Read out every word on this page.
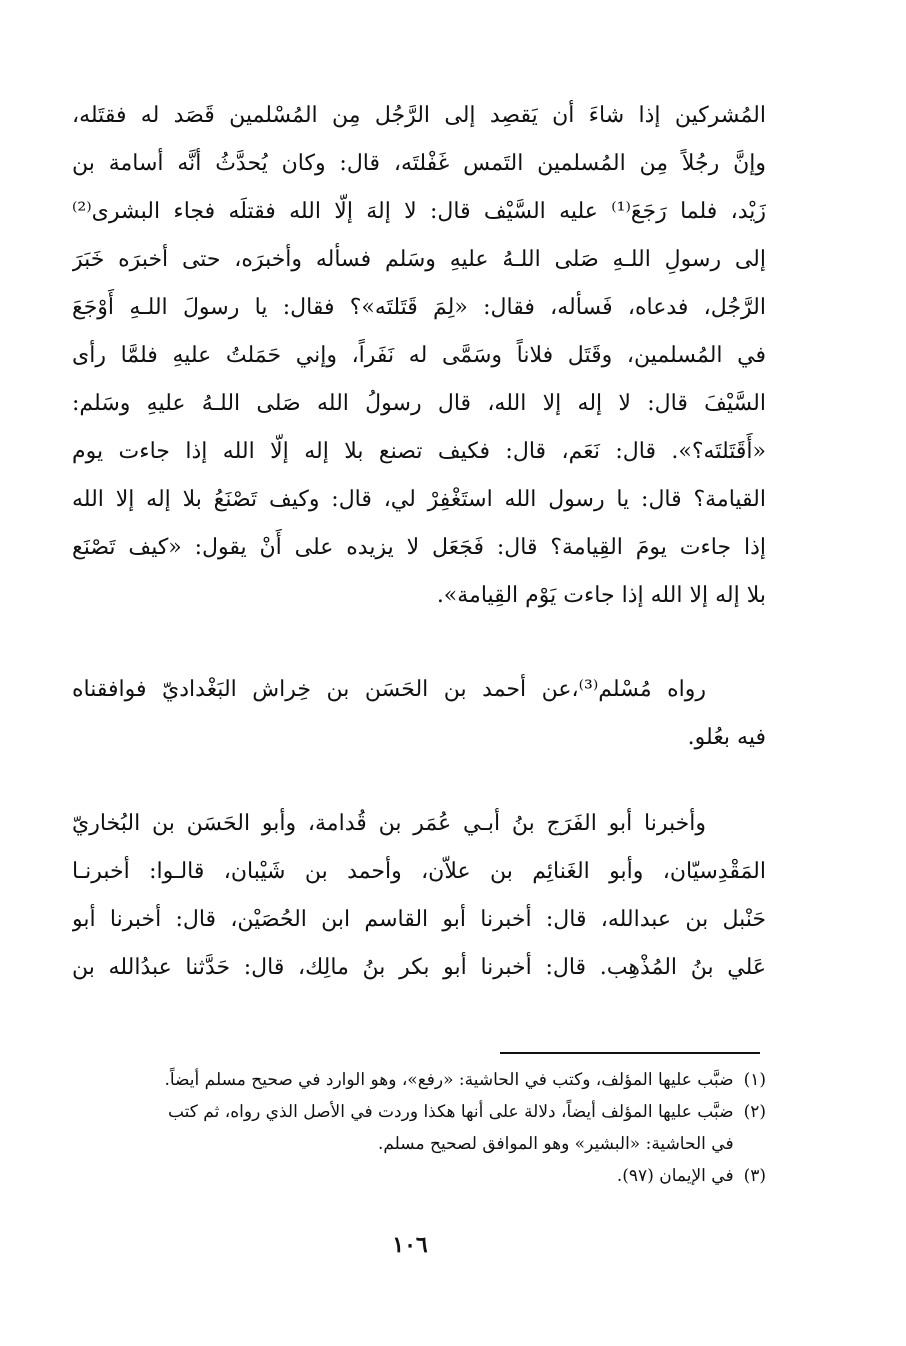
المُشركين إذا شاءَ أن يَقصِد إلى الرَّجُل مِن المُسْلمين قَصَد له فقتَله،
وإنَّ رجُلاً مِن المُسلمين التَمس غَفْلتَه، قال: وكان يُحدَّثُ أنَّه أسامة بن
زَيْد، فلما رَجَعَ⁽¹⁾ عليه السَّيْف قال: لا إلهَ إلّا الله فقتلَه فجاء البشرى⁽²⁾
إلى رسولِ اللـهِ صَلى اللـهُ عليهِ وسَلم فسأله وأخبرَه، حتى أخبرَه خَبَرَ
الرَّجُل، فدعاه، فَسأله، فقال: «لِمَ قَتَلتَه»؟ فقال: يا رسولَ اللـهِ أَوْجَعَ
في المُسلمين، وقَتَل فلاناً وسَمَّى له نَفَراً، وإني حَمَلتُ عليهِ فلمَّا رأى
السَّيْفَ قال: لا إله إلا الله، قال رسولُ الله صَلى اللـهُ عليهِ وسَلم:
«أَقَتَلتَه؟». قال: نَعَم، قال: فكيف تصنع بلا إله إلّا الله إذا جاءت يوم
القيامة؟ قال: يا رسول الله استَغْفِرْ لي، قال: وكيف تَصْنَعُ بلا إله إلا الله
إذا جاءت يومَ القِيامة؟ قال: فَجَعَل لا يزيده على أَنْ يقول: «كيف تَصْنَع
بلا إله إلا الله إذا جاءت يَوْم القِيامة».
رواه مُسْلم⁽³⁾،عن أحمد بن الحَسَن بن خِراش البَغْداديّ فوافقناه
فيه بعُلو.
وأخبرنا أبو الفَرَج بنُ أبـي عُمَر بن قُدامة، وأبو الحَسَن بن البُخاريّ
المَقْدِسيّان، وأبو الغَنائِم بن علاّن، وأحمد بن شَيْبان، قالـوا: أخبرنـا
حَنْبل بن عبدالله، قال: أخبرنا أبو القاسم ابن الحُصَيْن، قال: أخبرنا أبو
عَلي بنُ المُذْهِب. قال: أخبرنا أبو بكر بنُ مالِك، قال: حَدَّثنا عبدُالله بن
(١)
ضبَّب عليها المؤلف، وكتب في الحاشية: «رفع»، وهو الوارد في صحيح مسلم أيضاً.
(٢)
ضبَّب عليها المؤلف أيضاً، دلالة على أنها هكذا وردت في الأصل الذي رواه، ثم كتب
في الحاشية: «البشير» وهو الموافق لصحيح مسلم.
(٣)
في الإيمان (٩٧).
١٠٦
